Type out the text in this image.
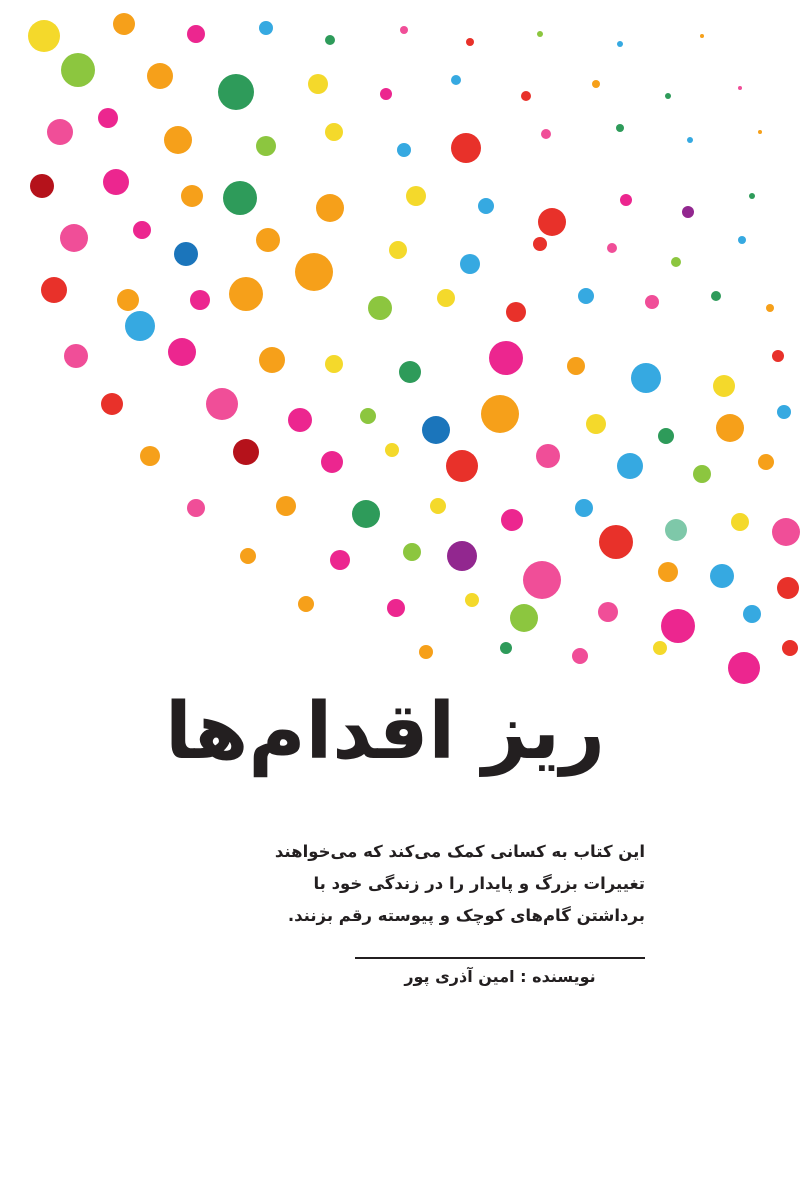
ریز اقدام‌ها
این کتاب به کسانی کمک می‌کند که می‌خواهند تغییرات بزرگ و پایدار را در زندگی خود با برداشتن گام‌های کوچک و پیوسته رقم بزنند.
نویسنده : امین آذری پور
